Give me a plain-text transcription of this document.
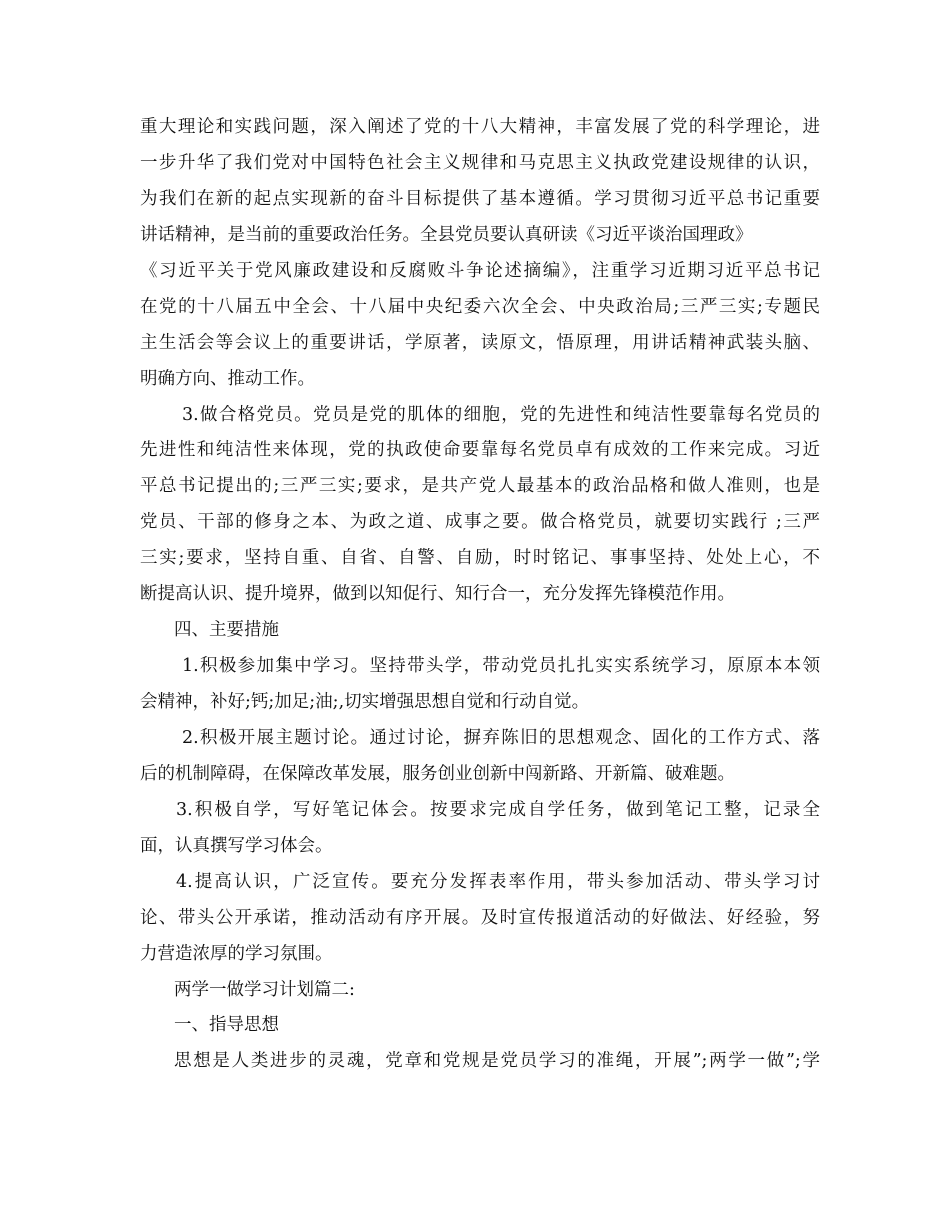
重大理论和实践问题，深入阐述了党的十八大精神，丰富发展了党的科学理论，进
一步升华了我们党对中国特色社会主义规律和马克思主义执政党建设规律的认识，
为我们在新的起点实现新的奋斗目标提供了基本遵循。学习贯彻习近平总书记重要
讲话精神，是当前的重要政治任务。全县党员要认真研读《习近平谈治国理政》
《习近平关于党风廉政建设和反腐败斗争论述摘编》，注重学习近期习近平总书记
在党的十八届五中全会、十八届中央纪委六次全会、中央政治局;三严三实;专题民
主生活会等会议上的重要讲话，学原著，读原文，悟原理，用讲话精神武装头脑、
明确方向、推动工作。
3.做合格党员。党员是党的肌体的细胞，党的先进性和纯洁性要靠每名党员的
先进性和纯洁性来体现，党的执政使命要靠每名党员卓有成效的工作来完成。习近
平总书记提出的;三严三实;要求，是共产党人最基本的政治品格和做人准则，也是
党员、干部的修身之本、为政之道、成事之要。做合格党员，就要切实践行 ;三严
三实;要求，坚持自重、自省、自警、自励，时时铭记、事事坚持、处处上心，不
断提高认识、提升境界，做到以知促行、知行合一，充分发挥先锋模范作用。
四、主要措施
1.积极参加集中学习。坚持带头学，带动党员扎扎实实系统学习，原原本本领
会精神，补好;钙;加足;油;,切实增强思想自觉和行动自觉。
2.积极开展主题讨论。通过讨论，摒弃陈旧的思想观念、固化的工作方式、落
后的机制障碍，在保障改革发展，服务创业创新中闯新路、开新篇、破难题。
3.积极自学，写好笔记体会。按要求完成自学任务，做到笔记工整，记录全
面，认真撰写学习体会。
4.提高认识，广泛宣传。要充分发挥表率作用，带头参加活动、带头学习讨
论、带头公开承诺，推动活动有序开展。及时宣传报道活动的好做法、好经验，努
力营造浓厚的学习氛围。
两学一做学习计划篇二:
一、指导思想
思想是人类进步的灵魂，党章和党规是党员学习的准绳，开展”;两学一做”;学
